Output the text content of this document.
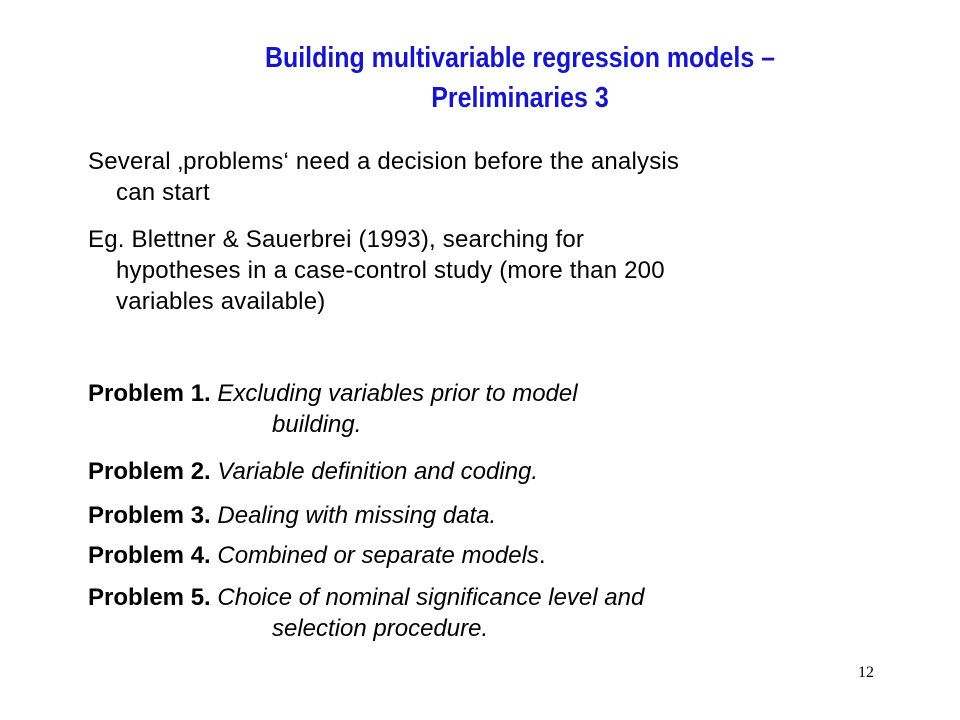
Building multivariable regression models –
Preliminaries 3
Several ‚problems‘ need a decision before the analysis
can start
Eg. Blettner & Sauerbrei (1993), searching for
hypotheses in a case-control study (more than 200
variables available)
Problem 1. Excluding variables prior to model
building.
Problem 2. Variable definition and coding.
Problem 3. Dealing with missing data.
Problem 4. Combined or separate models.
Problem 5. Choice of nominal significance level and
selection procedure.
12
